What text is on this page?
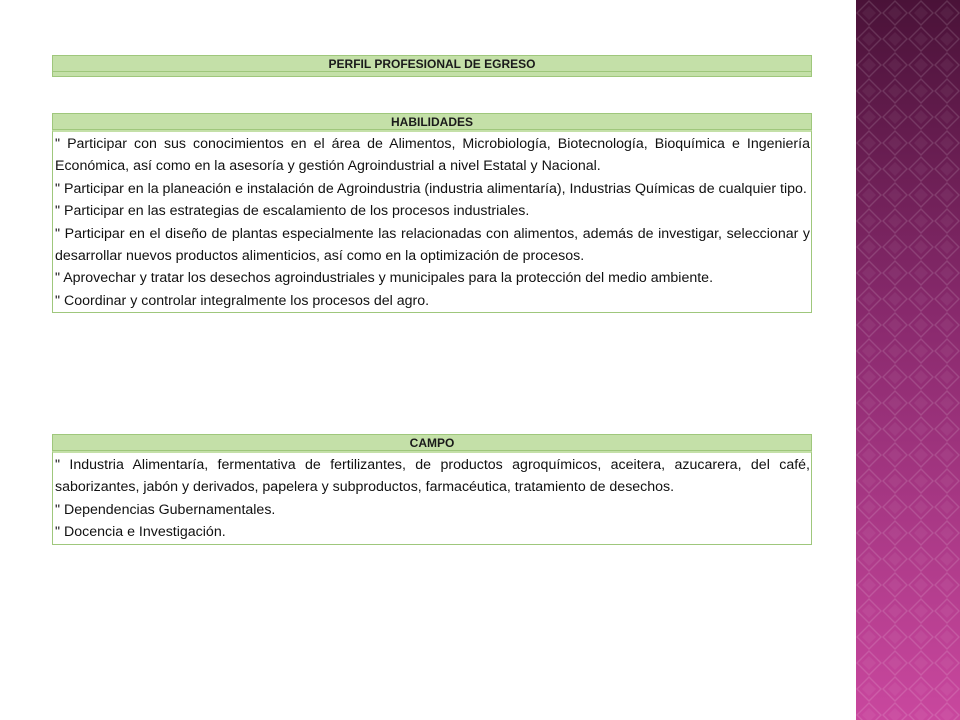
PERFIL PROFESIONAL DE EGRESO
HABILIDADES

" Participar con sus conocimientos en el área de Alimentos, Microbiología, Biotecnología, Bioquímica e Ingeniería Económica, así como en la asesoría y gestión Agroindustrial a nivel Estatal y Nacional.

" Participar en la planeación e instalación de Agroindustria (industria alimentaría), Industrias Químicas de cualquier tipo.

" Participar en las estrategias de escalamiento de los procesos industriales.

" Participar en el diseño de plantas especialmente las relacionadas con alimentos, además de investigar, seleccionar y desarrollar nuevos productos alimenticios, así como en la optimización de procesos.

" Aprovechar y tratar los desechos agroindustriales y municipales para la protección del medio ambiente.

" Coordinar y controlar integralmente los procesos del agro.

CAMPO

" Industria Alimentaría, fermentativa de fertilizantes, de productos agroquímicos, aceitera, azucarera, del café, saborizantes, jabón y derivados, papelera y subproductos, farmacéutica, tratamiento de desechos.

" Dependencias Gubernamentales.

" Docencia e Investigación.
